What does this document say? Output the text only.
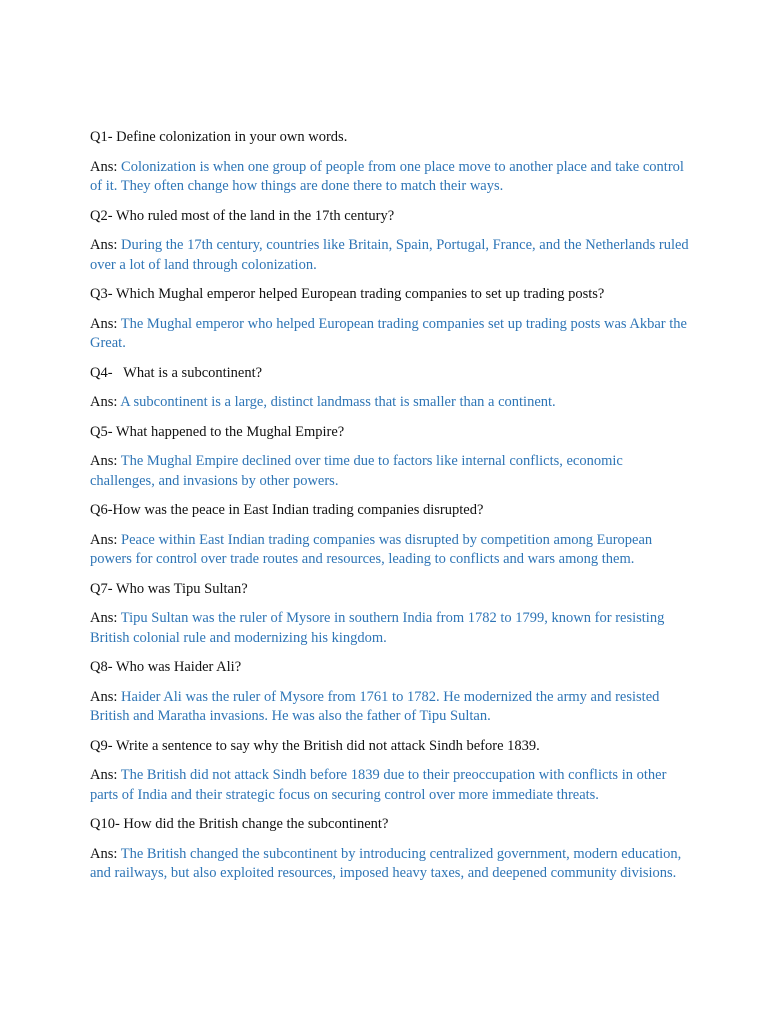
Q1- Define colonization in your own words.

Ans: Colonization is when one group of people from one place move to another place and take control of it. They often change how things are done there to match their ways.

Q2- Who ruled most of the land in the 17th century?

Ans: During the 17th century, countries like Britain, Spain, Portugal, France, and the Netherlands ruled over a lot of land through colonization.

Q3- Which Mughal emperor helped European trading companies to set up trading posts?

Ans: The Mughal emperor who helped European trading companies set up trading posts was Akbar the Great.

Q4-   What is a subcontinent?

Ans: A subcontinent is a large, distinct landmass that is smaller than a continent.

Q5- What happened to the Mughal Empire?

Ans: The Mughal Empire declined over time due to factors like internal conflicts, economic challenges, and invasions by other powers.

Q6-How was the peace in East Indian trading companies disrupted?

Ans: Peace within East Indian trading companies was disrupted by competition among European powers for control over trade routes and resources, leading to conflicts and wars among them.

Q7- Who was Tipu Sultan?

Ans: Tipu Sultan was the ruler of Mysore in southern India from 1782 to 1799, known for resisting British colonial rule and modernizing his kingdom.

Q8- Who was Haider Ali?

Ans: Haider Ali was the ruler of Mysore from 1761 to 1782. He modernized the army and resisted British and Maratha invasions. He was also the father of Tipu Sultan.

Q9- Write a sentence to say why the British did not attack Sindh before 1839.

Ans: The British did not attack Sindh before 1839 due to their preoccupation with conflicts in other parts of India and their strategic focus on securing control over more immediate threats.

Q10- How did the British change the subcontinent?

Ans: The British changed the subcontinent by introducing centralized government, modern education, and railways, but also exploited resources, imposed heavy taxes, and deepened community divisions.
